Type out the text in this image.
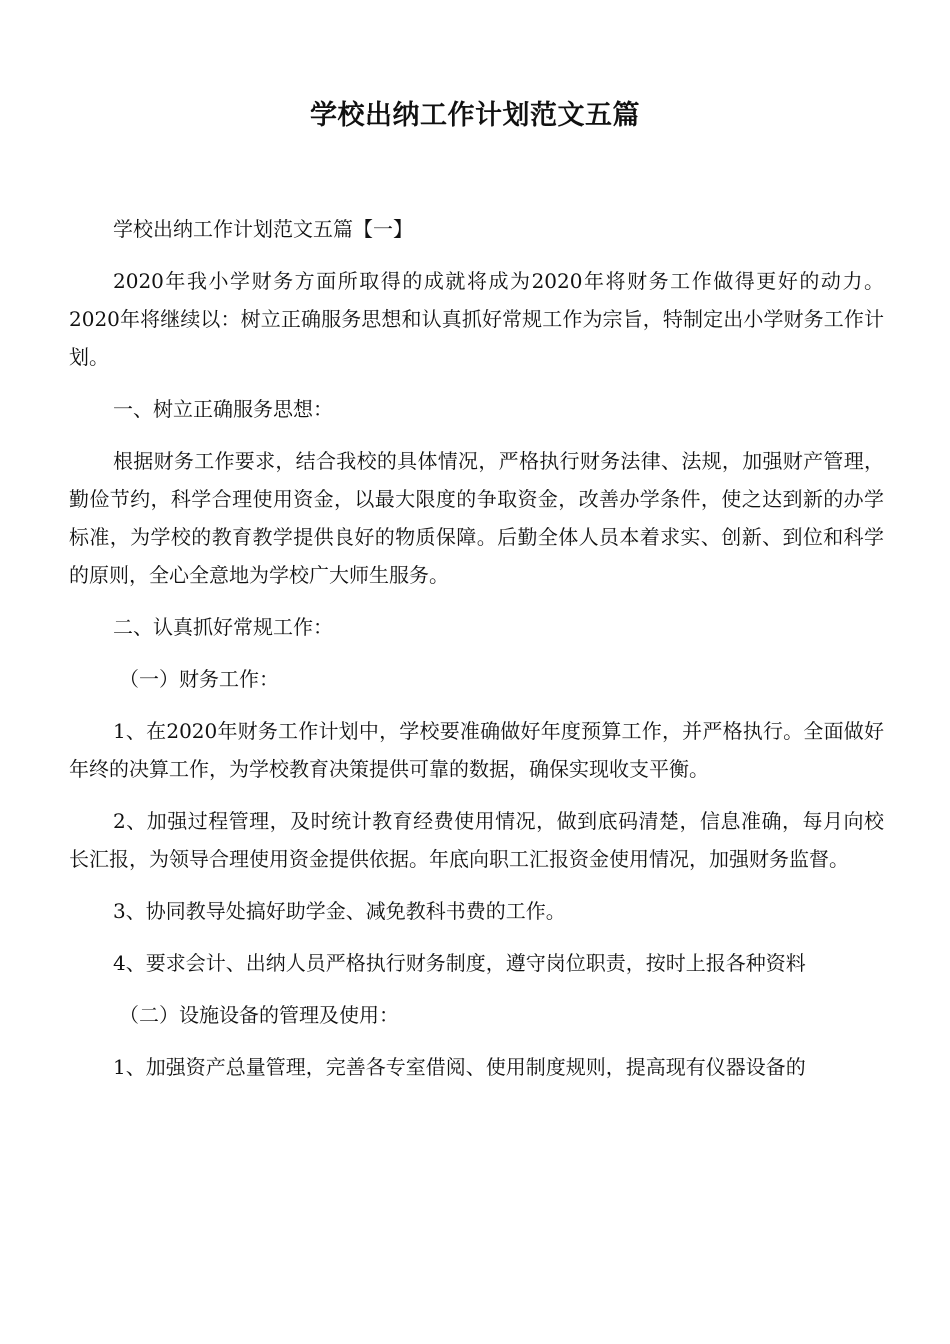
学校出纳工作计划范文五篇

学校出纳工作计划范文五篇【一】

2020年我小学财务方面所取得的成就将成为2020年将财务工作做得更好的动力。2020年将继续以：树立正确服务思想和认真抓好常规工作为宗旨，特制定出小学财务工作计划。

一、树立正确服务思想：

根据财务工作要求，结合我校的具体情况，严格执行财务法律、法规，加强财产管理，勤俭节约，科学合理使用资金，以最大限度的争取资金，改善办学条件，使之达到新的办学标准，为学校的教育教学提供良好的物质保障。后勤全体人员本着求实、创新、到位和科学的原则，全心全意地为学校广大师生服务。

二、认真抓好常规工作：

（一）财务工作：

1、在2020年财务工作计划中，学校要准确做好年度预算工作，并严格执行。全面做好年终的决算工作，为学校教育决策提供可靠的数据，确保实现收支平衡。

2、加强过程管理，及时统计教育经费使用情况，做到底码清楚，信息准确，每月向校长汇报，为领导合理使用资金提供依据。年底向职工汇报资金使用情况，加强财务监督。

3、协同教导处搞好助学金、减免教科书费的工作。

4、要求会计、出纳人员严格执行财务制度，遵守岗位职责，按时上报各种资料

（二）设施设备的管理及使用：

1、加强资产总量管理，完善各专室借阅、使用制度规则，提高现有仪器设备的
